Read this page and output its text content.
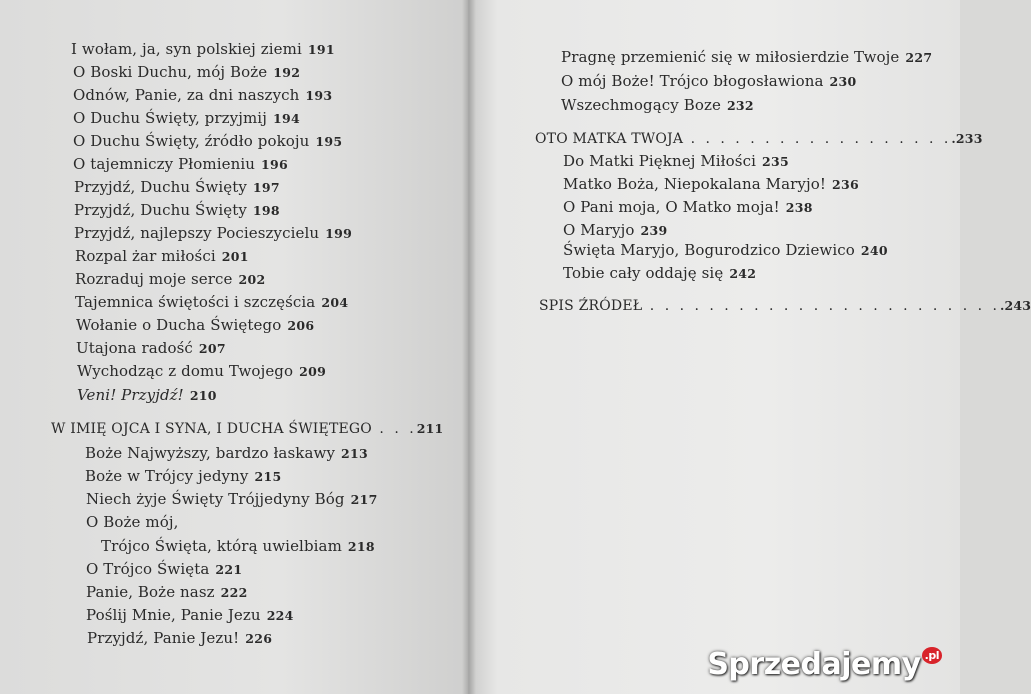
I wołam, ja, syn polskiej ziemi 191
O Boski Duchu, mój Boże 192
Odnów, Panie, za dni naszych 193
O Duchu Święty, przyjmij 194
O Duchu Święty, źródło pokoju 195
O tajemniczy Płomieniu 196
Przyjdź, Duchu Święty 197
Przyjdź, Duchu Święty 198
Przyjdź, najlepszy Pocieszycielu 199
Rozpal żar miłości 201
Rozraduj moje serce 202
Tajemnica świętości i szczęścia 204
Wołanie o Ducha Świętego 206
Utajona radość 207
Wychodząc z domu Twojego 209
Veni! Przyjdź! 210
W IMIĘ OJCA I SYNA, I DUCHA ŚWIĘTEGO . . .211
Boże Najwyższy, bardzo łaskawy 213
Boże w Trójcy jedyny 215
Niech żyje Święty Trójjedyny Bóg 217
O Boże mój,
Trójco Święta, którą uwielbiam 218
O Trójco Święta 221
Panie, Boże nasz 222
Poślij Mnie, Panie Jezu 224
Przyjdź, Panie Jezu! 226
Pragnę przemienić się w miłosierdzie Twoje 227
O mój Boże! Trójco błogosławiona 230
Wszechmogący Boze 232
OTO MATKA TWOJA . . . . . . . . . . . . . . . . . ..233
Do Matki Pięknej Miłości 235
Matko Boża, Niepokalana Maryjo! 236
O Pani moja, O Matko moja! 238
O Maryjo 239
Święta Maryjo, Bogurodzico Dziewico 240
Tobie cały oddaję się 242
SPIS ŹRÓDEŁ . . . . . . . . . . . . . . . . . . . . . . . ..243
Sprzedajemy .pl
